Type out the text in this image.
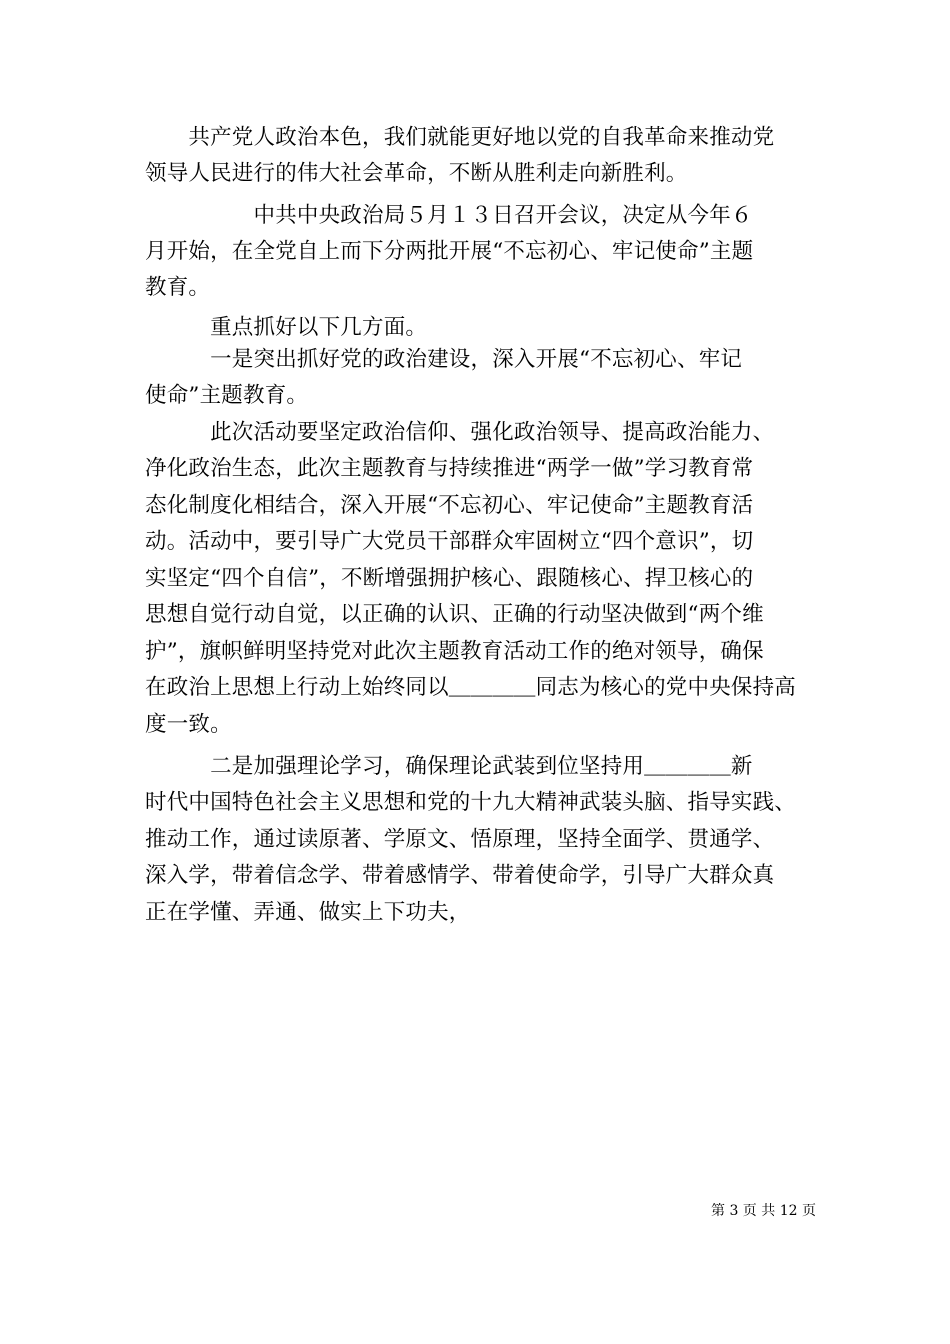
　　共产党人政治本色，我们就能更好地以党的自我革命来推动党
领导人民进行的伟大社会革命，不断从胜利走向新胜利。
　　　　　中共中央政治局５月１３日召开会议，决定从今年６
月开始，在全党自上而下分两批开展“不忘初心、牢记使命”主题
教育。
　　　重点抓好以下几方面。
　　　一是突出抓好党的政治建设，深入开展“不忘初心、牢记
使命”主题教育。
　　　此次活动要坚定政治信仰、强化政治领导、提高政治能力、
净化政治生态，此次主题教育与持续推进“两学一做”学习教育常
态化制度化相结合，深入开展“不忘初心、牢记使命”主题教育活
动。活动中，要引导广大党员干部群众牢固树立“四个意识”，切
实坚定“四个自信”，不断增强拥护核心、跟随核心、捍卫核心的
思想自觉行动自觉，以正确的认识、正确的行动坚决做到“两个维
护”，旗帜鲜明坚持党对此次主题教育活动工作的绝对领导，确保
在政治上思想上行动上始终同以＿＿＿＿同志为核心的党中央保持高
度一致。
　　　二是加强理论学习，确保理论武装到位坚持用＿＿＿＿新
时代中国特色社会主义思想和党的十九大精神武装头脑、指导实践、
推动工作，通过读原著、学原文、悟原理，坚持全面学、贯通学、
深入学，带着信念学、带着感情学、带着使命学，引导广大群众真
正在学懂、弄通、做实上下功夫，
第 3 页 共 12 页
